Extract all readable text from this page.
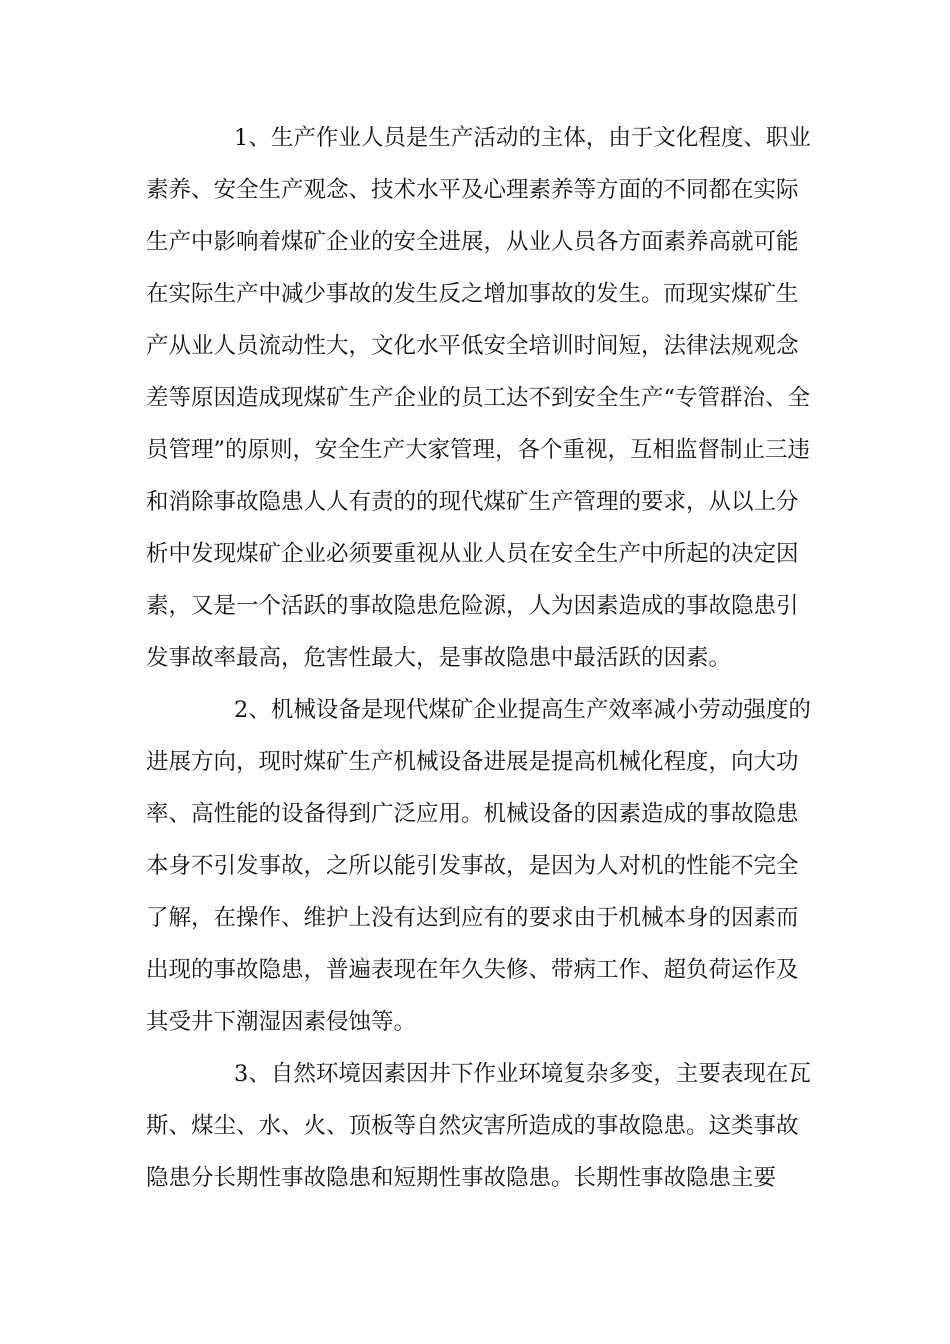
1、生产作业人员是生产活动的主体，由于文化程度、职业
素养、安全生产观念、技术水平及心理素养等方面的不同都在实际
生产中影响着煤矿企业的安全进展，从业人员各方面素养高就可能
在实际生产中减少事故的发生反之增加事故的发生。而现实煤矿生
产从业人员流动性大，文化水平低安全培训时间短，法律法规观念
差等原因造成现煤矿生产企业的员工达不到安全生产“专管群治、全
员管理”的原则，安全生产大家管理，各个重视，互相监督制止三违
和消除事故隐患人人有责的的现代煤矿生产管理的要求，从以上分
析中发现煤矿企业必须要重视从业人员在安全生产中所起的决定因
素，又是一个活跃的事故隐患危险源，人为因素造成的事故隐患引
发事故率最高，危害性最大，是事故隐患中最活跃的因素。
2、机械设备是现代煤矿企业提高生产效率减小劳动强度的
进展方向，现时煤矿生产机械设备进展是提高机械化程度，向大功
率、高性能的设备得到广泛应用。机械设备的因素造成的事故隐患
本身不引发事故，之所以能引发事故，是因为人对机的性能不完全
了解，在操作、维护上没有达到应有的要求由于机械本身的因素而
出现的事故隐患，普遍表现在年久失修、带病工作、超负荷运作及
其受井下潮湿因素侵蚀等。
3、自然环境因素因井下作业环境复杂多变，主要表现在瓦
斯、煤尘、水、火、顶板等自然灾害所造成的事故隐患。这类事故
隐患分长期性事故隐患和短期性事故隐患。长期性事故隐患主要
